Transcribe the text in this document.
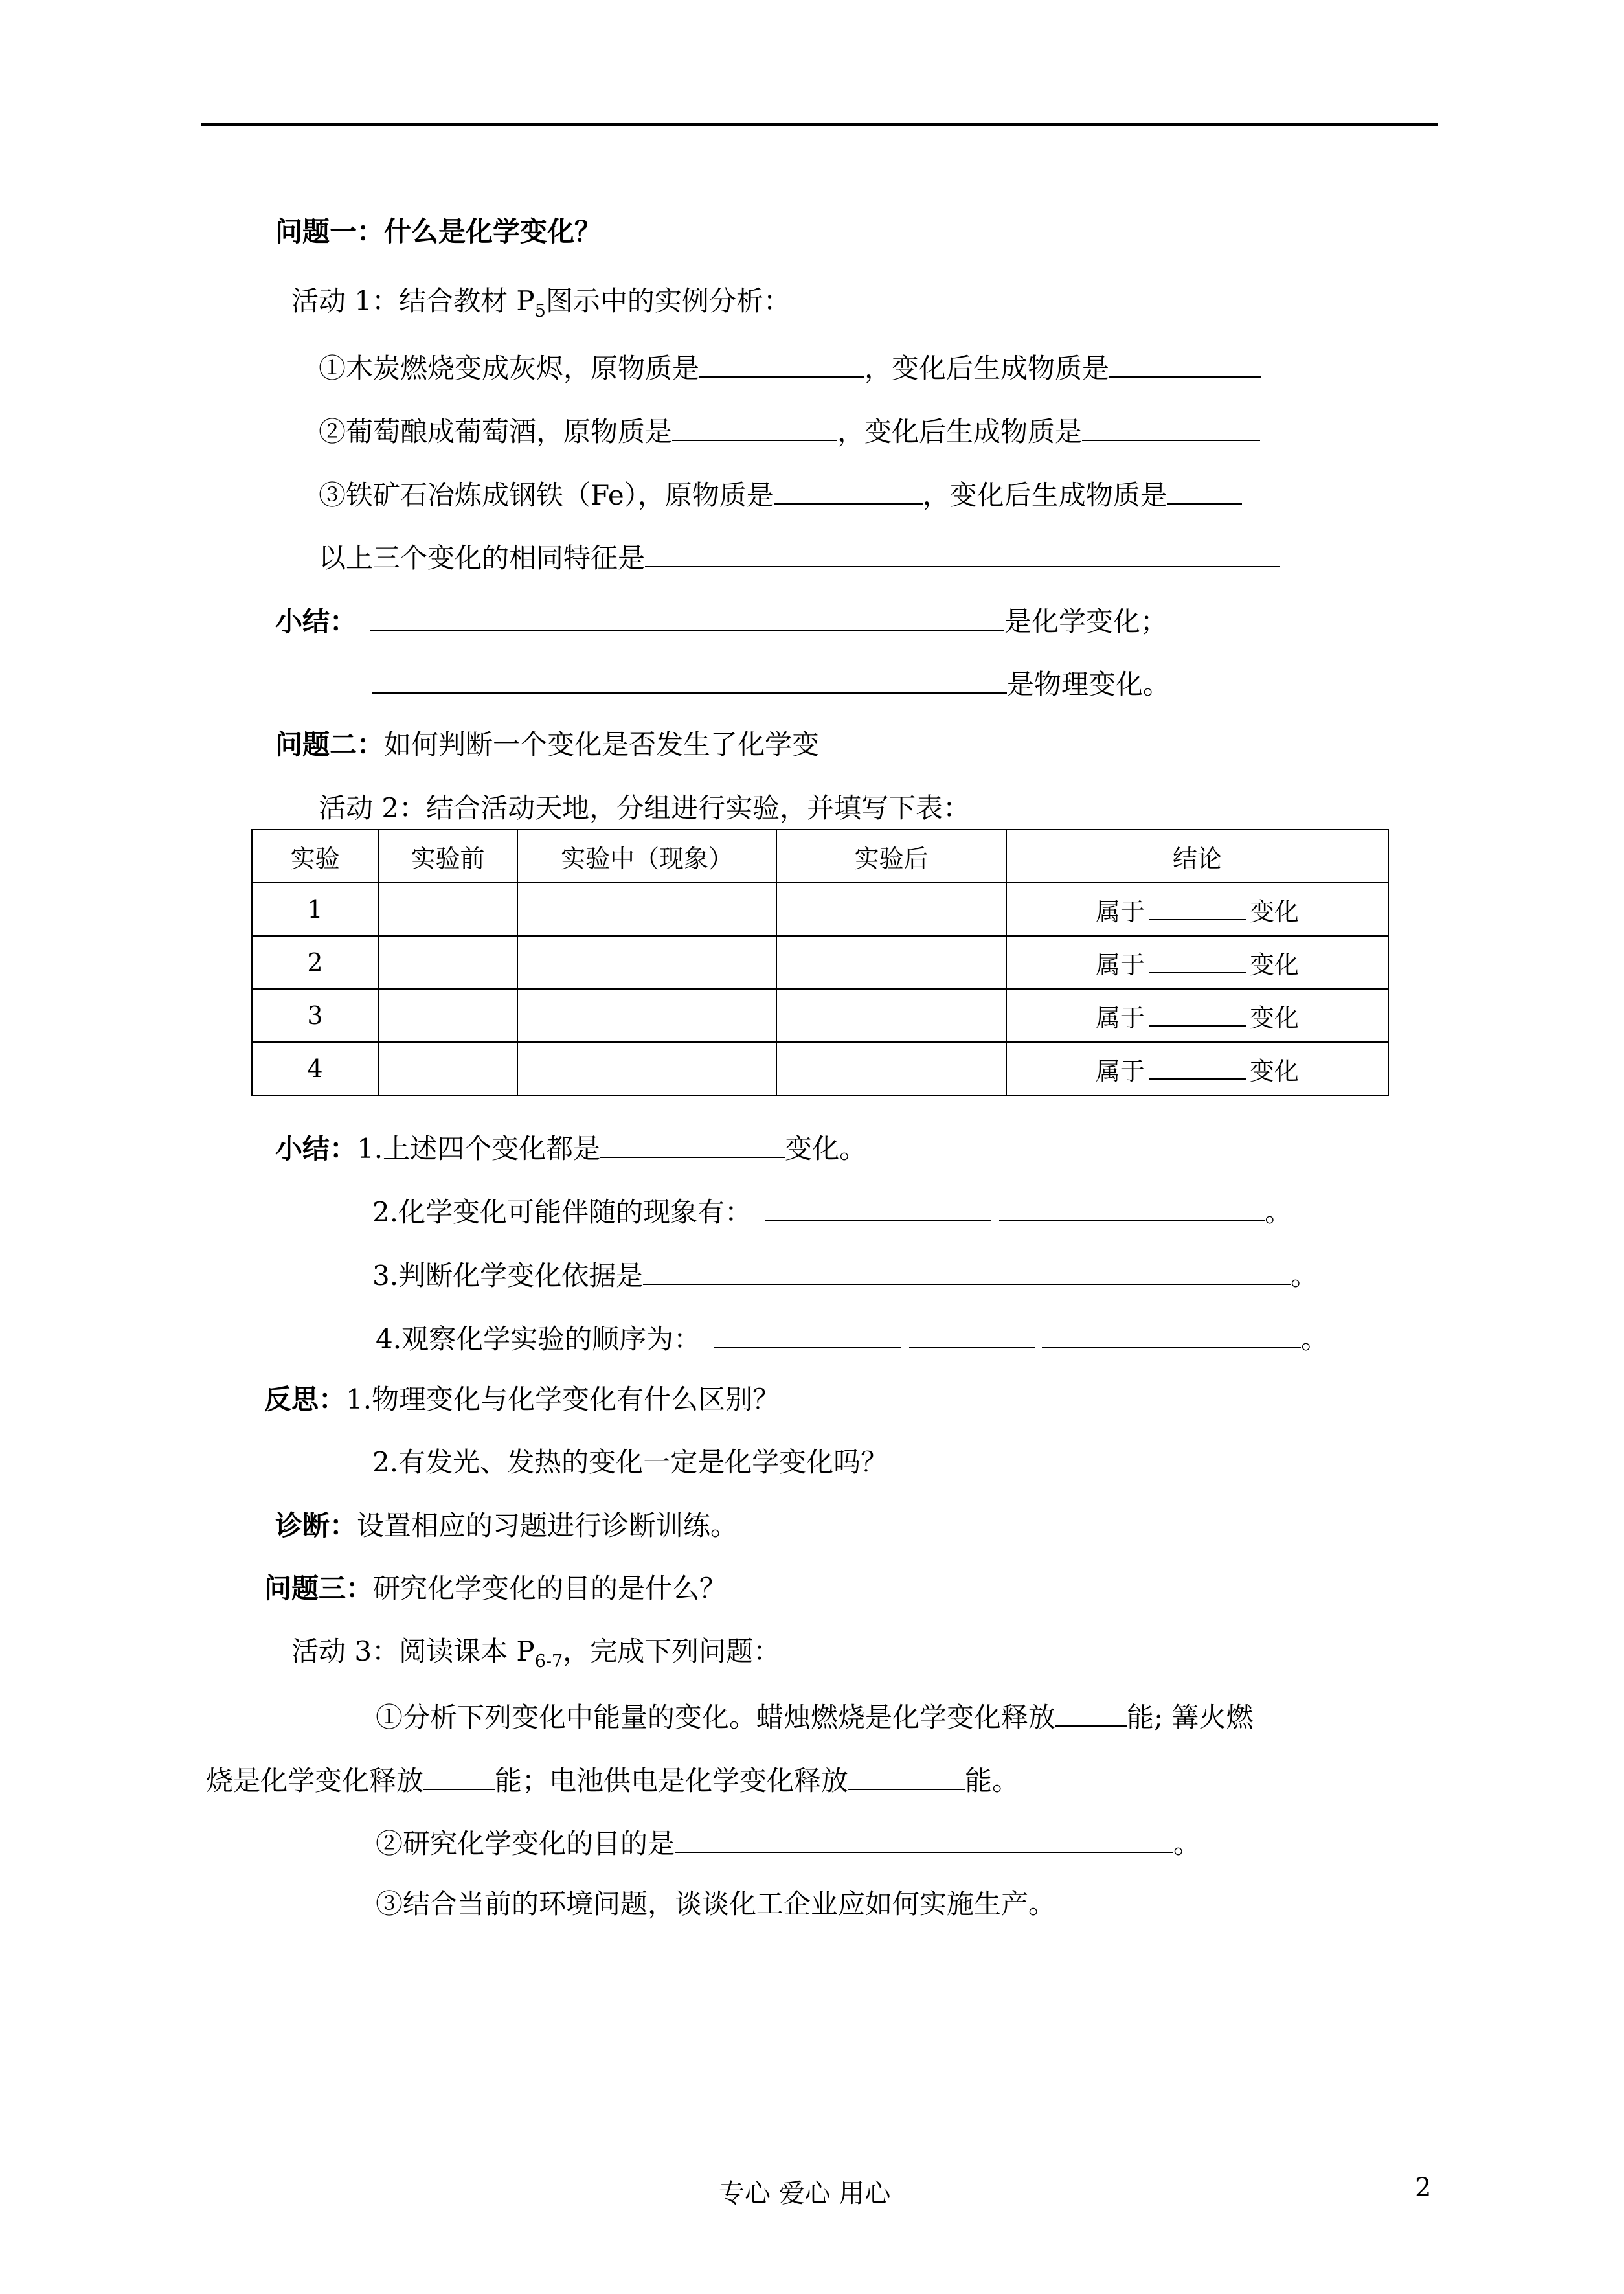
问题一：什么是化学变化？
活动 1：结合教材 $P_5$图示中的实例分析：
①木炭燃烧变成灰烬，原物质是	，变化后生成物质是
②葡萄酿成葡萄酒，原物质是	，变化后生成物质是
③铁矿石冶炼成钢铁（Fe），原物质是	，变化后生成物质是
以上三个变化的相同特征是
小结：	是化学变化；
是物理变化。
问题二：如何判断一个变化是否发生了化学变
活动 2：结合活动天地，分组进行实验，并填写下表：
实验	实验前	实验中（现象）	实验后	结论
1				属于 变化
2				属于 变化
3				属于 变化
4				属于 变化
小结：1.上述四个变化都是	变化。
2.化学变化可能伴随的现象有：	。
3.判断化学变化依据是	。
4.观察化学实验的顺序为：	。
反思：1.物理变化与化学变化有什么区别？
2.有发光、发热的变化一定是化学变化吗？
诊断：设置相应的习题进行诊断训练。
问题三：研究化学变化的目的是什么？
活动 3：阅读课本 $P_{6-7}$，完成下列问题：
①分析下列变化中能量的变化。蜡烛燃烧是化学变化释放	能; 篝火燃
烧是化学变化释放	能；电池供电是化学变化释放	能。
②研究化学变化的目的是	。
③结合当前的环境问题，谈谈化工企业应如何实施生产。
专心 爱心 用心	2
